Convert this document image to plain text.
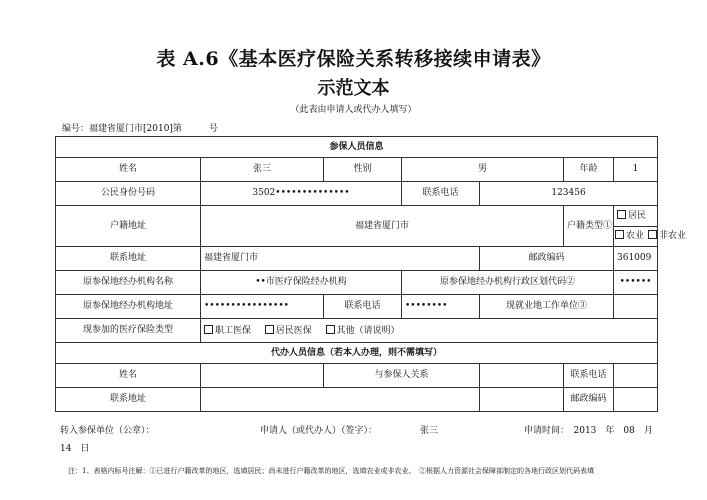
表 A.6《基本医疗保险关系转移接续申请表》
示范文本
（此表由申请人或代办人填写）
编号：福建省厦门市[2010]第　　　号
参保人员信息						
姓名	张三	性别	男		年龄	1
公民身份号码	3502••••••••••••••		联系电话	123456		
户籍地址	福建省厦门市				户籍类型①	居民
						农业 非农业
联系地址	福建省厦门市			邮政编码		361009
原参保地经办机构名称	••市医疗保险经办机构		原参保地经办机构行政区划代码②			••••••
原参保地经办机构地址	••••••••••••••••	联系电话	••••••••	现就业地工作单位③		
现参加的医疗保险类型	职工医保 居民医保 其他（请说明）					
代办人员信息（若本人办理，则不需填写）						
姓名		与参保人关系			联系电话	
联系地址					邮政编码	
转入参保单位（公章）：	申请人（或代办人）（签字）：	张三	申请时间：　2013　年　08　月
14　日
注：1、表格内标号注解：①已进行户籍改革的地区，选填居民；尚未进行户籍改革的地区，选填农业或非农业。　②根据人力资源社会保障部制定的各地行政区划代码表填
